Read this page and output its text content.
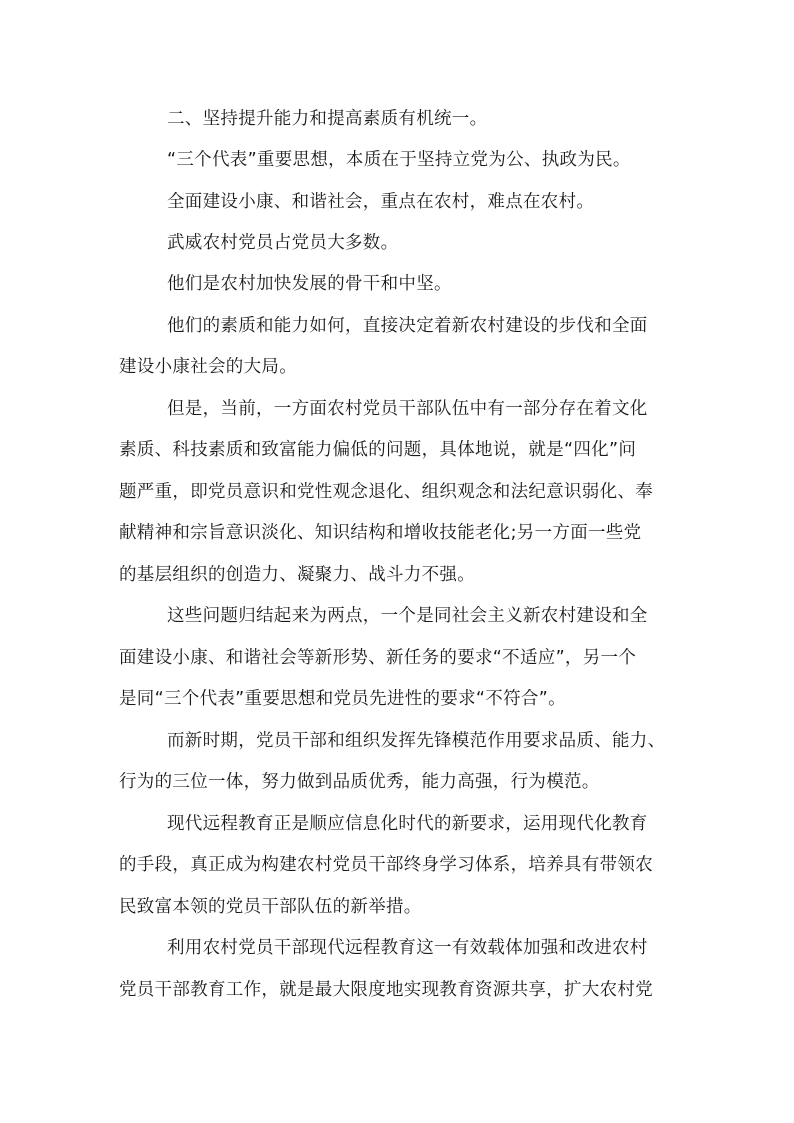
二、坚持提升能力和提高素质有机统一。
“三个代表”重要思想，本质在于坚持立党为公、执政为民。
全面建设小康、和谐社会，重点在农村，难点在农村。
武威农村党员占党员大多数。
他们是农村加快发展的骨干和中坚。
他们的素质和能力如何，直接决定着新农村建设的步伐和全面
建设小康社会的大局。
但是，当前，一方面农村党员干部队伍中有一部分存在着文化
素质、科技素质和致富能力偏低的问题，具体地说，就是“四化”问
题严重，即党员意识和党性观念退化、组织观念和法纪意识弱化、奉
献精神和宗旨意识淡化、知识结构和增收技能老化;另一方面一些党
的基层组织的创造力、凝聚力、战斗力不强。
这些问题归结起来为两点，一个是同社会主义新农村建设和全
面建设小康、和谐社会等新形势、新任务的要求“不适应”，另一个
是同“三个代表”重要思想和党员先进性的要求“不符合”。
而新时期，党员干部和组织发挥先锋模范作用要求品质、能力、
行为的三位一体，努力做到品质优秀，能力高强，行为模范。
现代远程教育正是顺应信息化时代的新要求，运用现代化教育
的手段，真正成为构建农村党员干部终身学习体系，培养具有带领农
民致富本领的党员干部队伍的新举措。
利用农村党员干部现代远程教育这一有效载体加强和改进农村
党员干部教育工作，就是最大限度地实现教育资源共享，扩大农村党
